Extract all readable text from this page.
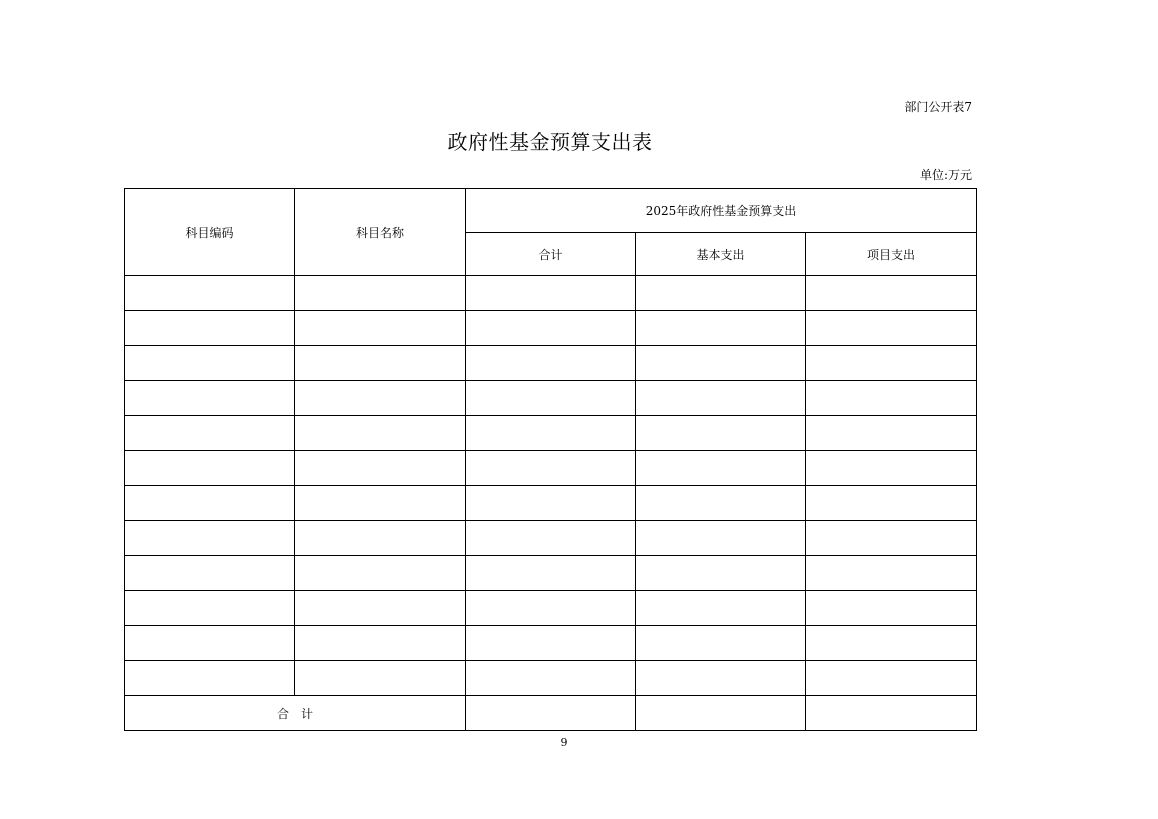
部门公开表7
政府性基金预算支出表
单位:万元
科目编码	科目名称	2025年政府性基金预算支出		
		合计	基本支出	项目支出

合　计				
9
